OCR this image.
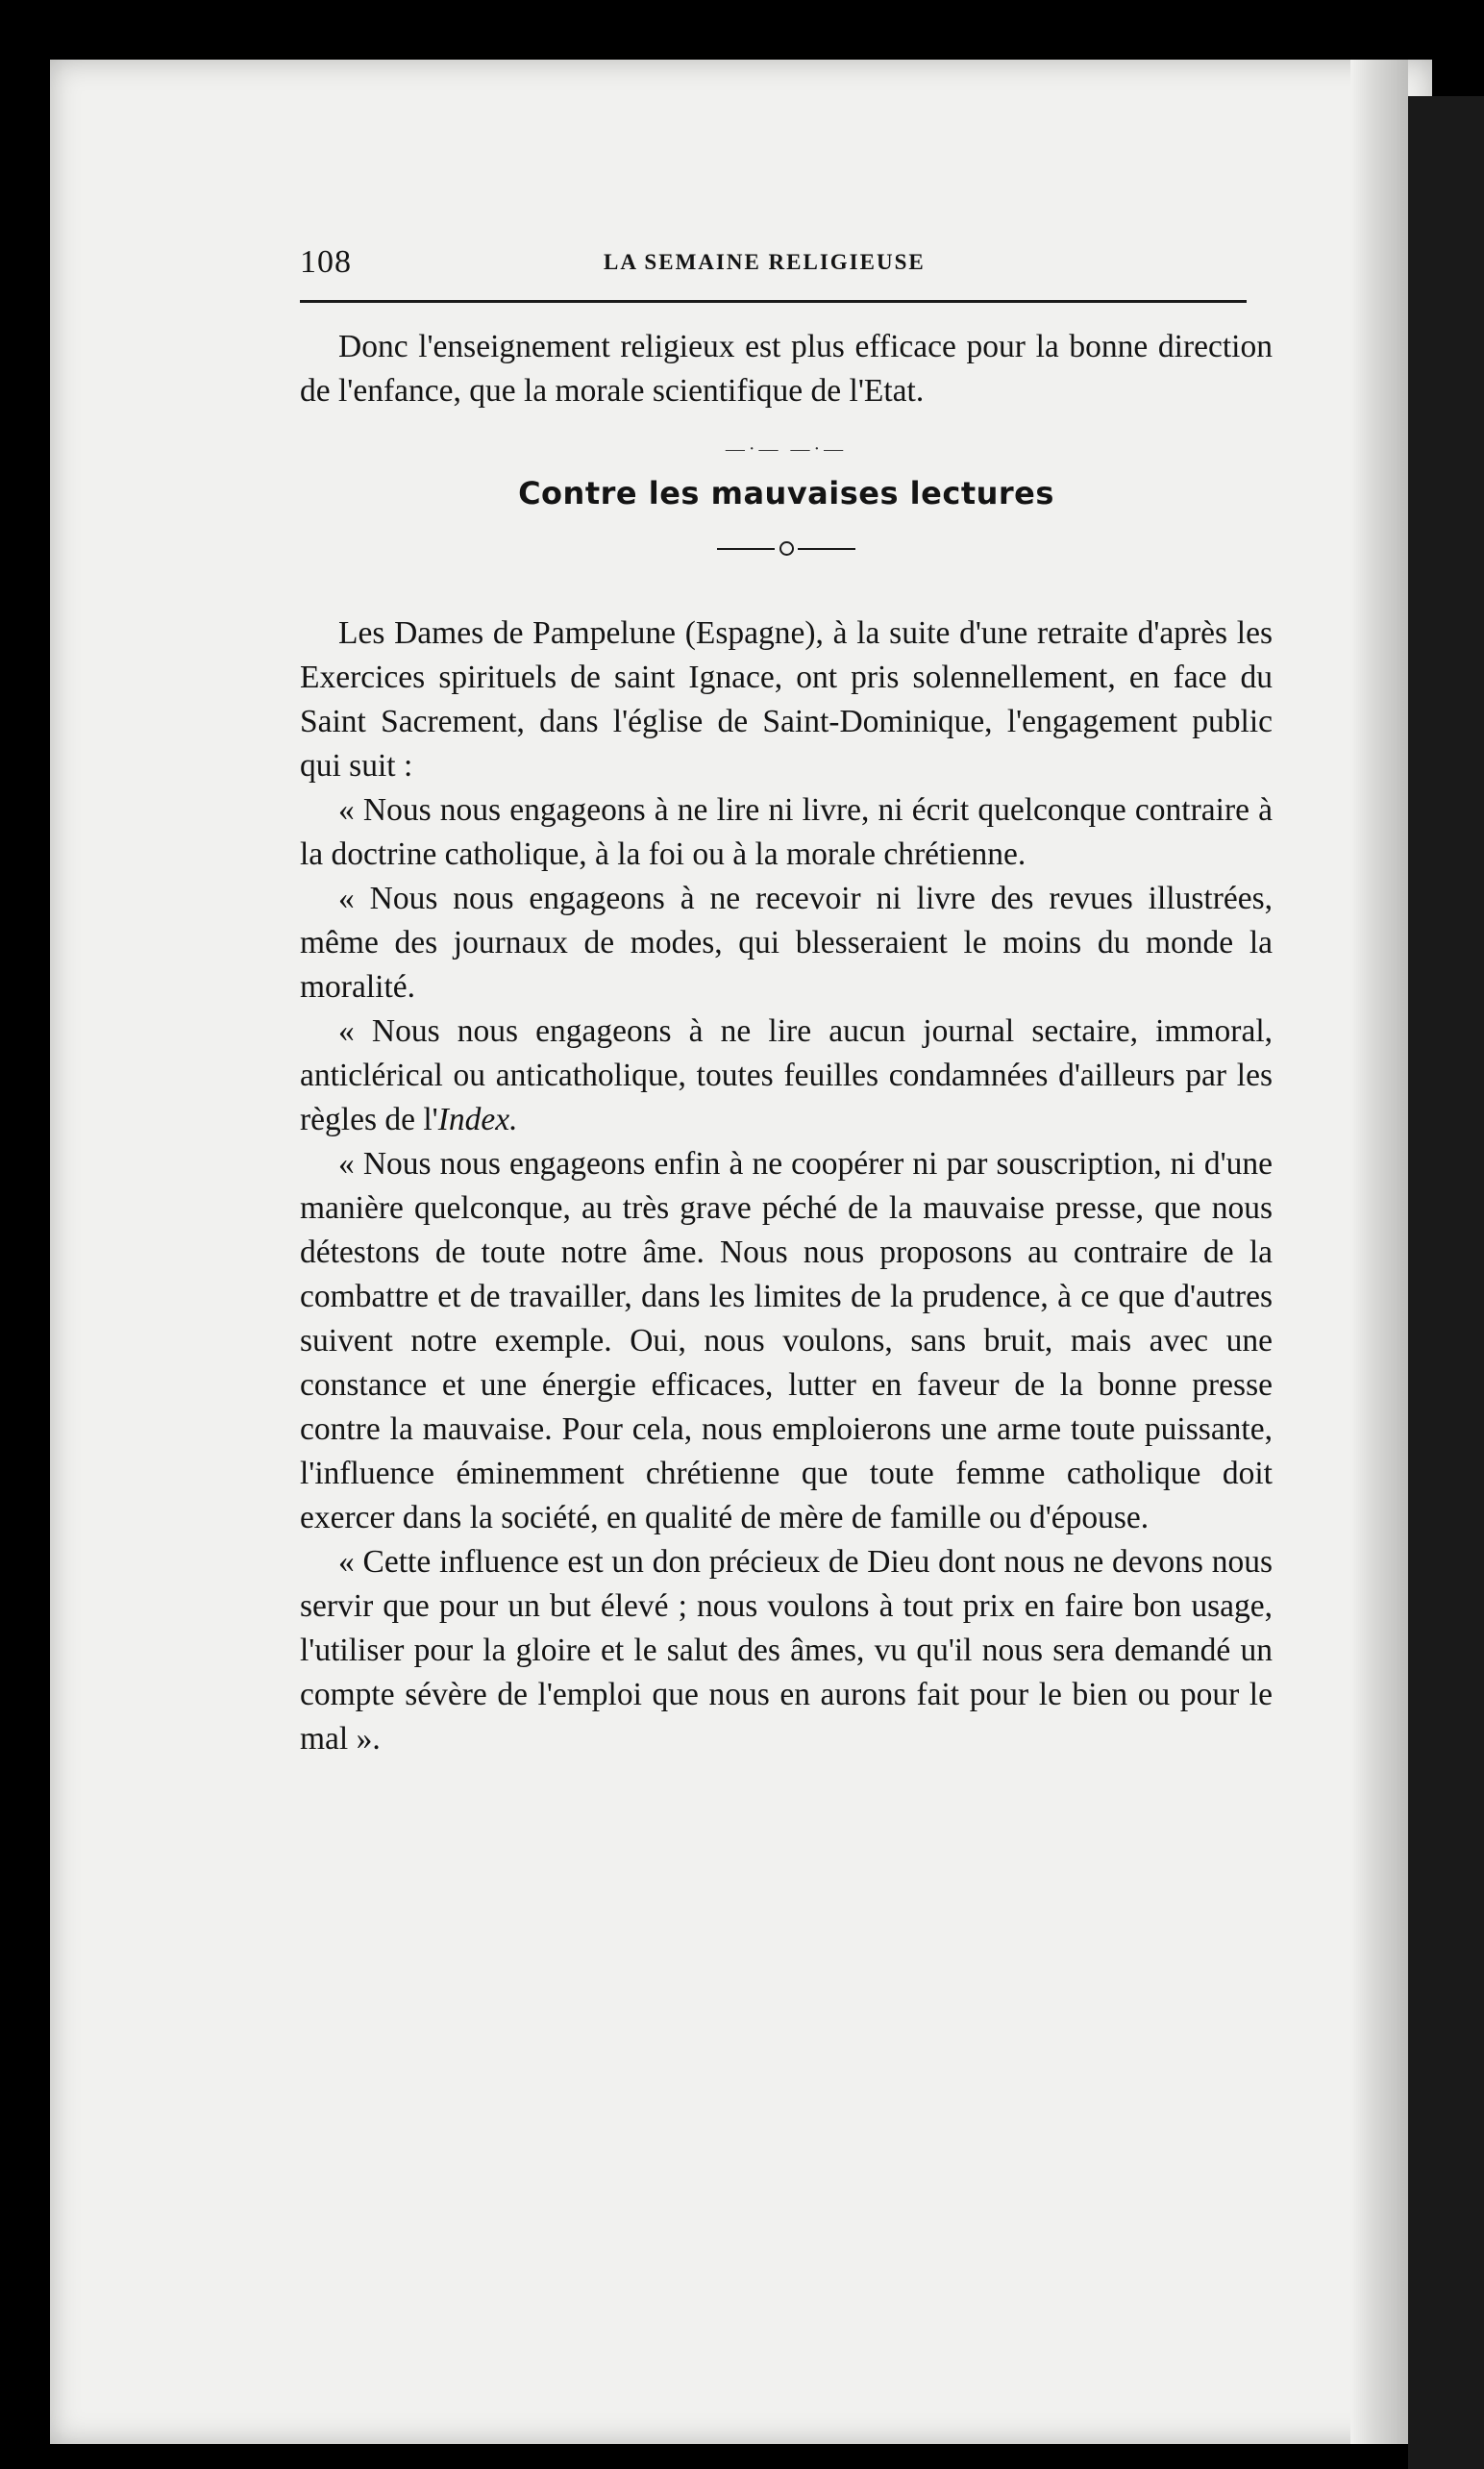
108	LA SEMAINE RELIGIEUSE

Donc l'enseignement religieux est plus efficace pour la bonne direction de l'enfance, que la morale scientifique de l'Etat.

—·— —·—
Contre les mauvaises lectures

Les Dames de Pampelune (Espagne), à la suite d'une retraite d'après les Exercices spirituels de saint Ignace, ont pris solennellement, en face du Saint Sacrement, dans l'église de Saint-Dominique, l'engagement public qui suit :

« Nous nous engageons à ne lire ni livre, ni écrit quelconque contraire à la doctrine catholique, à la foi ou à la morale chrétienne.

« Nous nous engageons à ne recevoir ni livre des revues illustrées, même des journaux de modes, qui blesseraient le moins du monde la moralité.

« Nous nous engageons à ne lire aucun journal sectaire, immoral, anticlérical ou anticatholique, toutes feuilles condamnées d'ailleurs par les règles de l'Index.

« Nous nous engageons enfin à ne coopérer ni par souscription, ni d'une manière quelconque, au très grave péché de la mauvaise presse, que nous détestons de toute notre âme. Nous nous proposons au contraire de la combattre et de travailler, dans les limites de la prudence, à ce que d'autres suivent notre exemple. Oui, nous voulons, sans bruit, mais avec une constance et une énergie efficaces, lutter en faveur de la bonne presse contre la mauvaise. Pour cela, nous emploierons une arme toute puissante, l'influence éminemment chrétienne que toute femme catholique doit exercer dans la société, en qualité de mère de famille ou d'épouse.

« Cette influence est un don précieux de Dieu dont nous ne devons nous servir que pour un but élevé ; nous voulons à tout prix en faire bon usage, l'utiliser pour la gloire et le salut des âmes, vu qu'il nous sera demandé un compte sévère de l'emploi que nous en aurons fait pour le bien ou pour le mal ».
